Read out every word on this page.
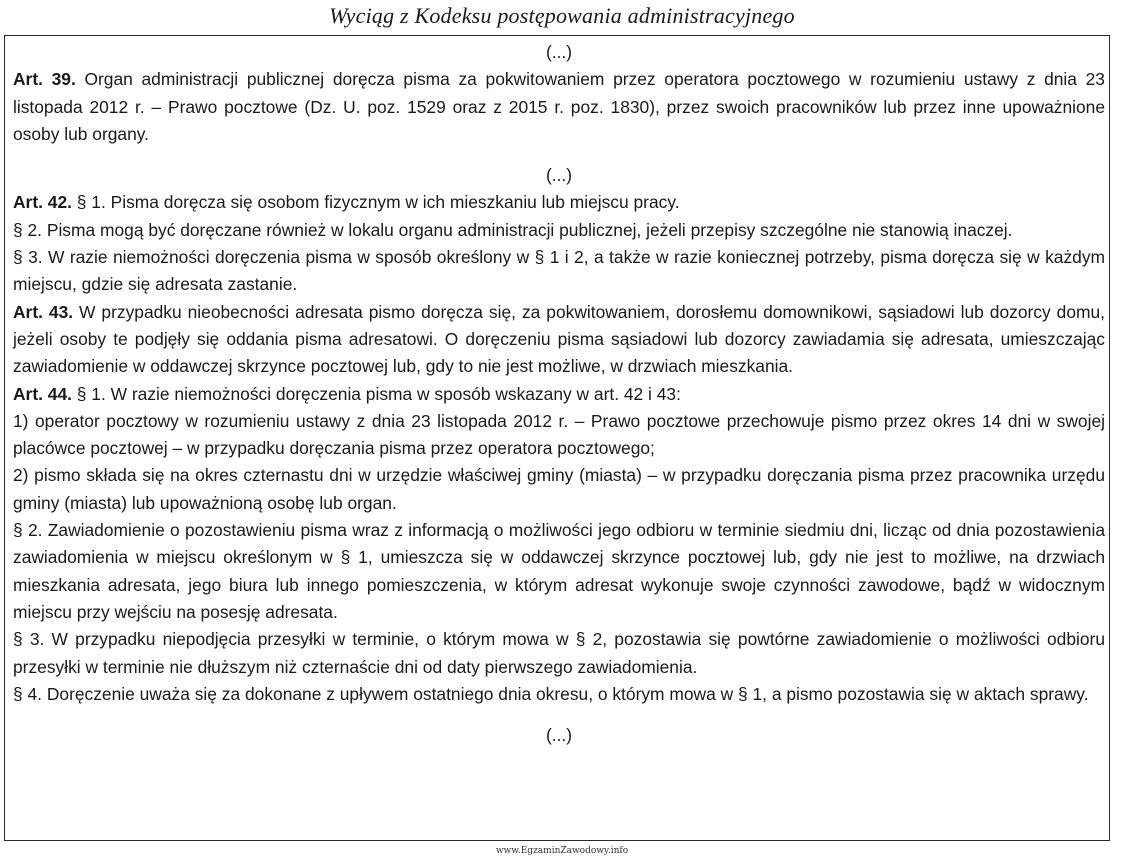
Wyciąg z Kodeksu postępowania administracyjnego

(...)

Art. 39. Organ administracji publicznej doręcza pisma za pokwitowaniem przez operatora pocztowego w rozumieniu ustawy z dnia 23 listopada 2012 r. – Prawo pocztowe (Dz. U. poz. 1529 oraz z 2015 r. poz. 1830), przez swoich pracowników lub przez inne upoważnione osoby lub organy.

(...)

Art. 42. § 1. Pisma doręcza się osobom fizycznym w ich mieszkaniu lub miejscu pracy.

§ 2. Pisma mogą być doręczane również w lokalu organu administracji publicznej, jeżeli przepisy szczególne nie stanowią inaczej.

§ 3. W razie niemożności doręczenia pisma w sposób określony w § 1 i 2, a także w razie koniecznej potrzeby, pisma doręcza się w każdym miejscu, gdzie się adresata zastanie.

Art. 43. W przypadku nieobecności adresata pismo doręcza się, za pokwitowaniem, dorosłemu domownikowi, sąsiadowi lub dozorcy domu, jeżeli osoby te podjęły się oddania pisma adresatowi. O doręczeniu pisma sąsiadowi lub dozorcy zawiadamia się adresata, umieszczając zawiadomienie w oddawczej skrzynce pocztowej lub, gdy to nie jest możliwe, w drzwiach mieszkania.

Art. 44. § 1. W razie niemożności doręczenia pisma w sposób wskazany w art. 42 i 43:

1) operator pocztowy w rozumieniu ustawy z dnia 23 listopada 2012 r. – Prawo pocztowe przechowuje pismo przez okres 14 dni w swojej placówce pocztowej – w przypadku doręczania pisma przez operatora pocztowego;

2) pismo składa się na okres czternastu dni w urzędzie właściwej gminy (miasta) – w przypadku doręczania pisma przez pracownika urzędu gminy (miasta) lub upoważnioną osobę lub organ.

§ 2. Zawiadomienie o pozostawieniu pisma wraz z informacją o możliwości jego odbioru w terminie siedmiu dni, licząc od dnia pozostawienia zawiadomienia w miejscu określonym w § 1, umieszcza się w oddawczej skrzynce pocztowej lub, gdy nie jest to możliwe, na drzwiach mieszkania adresata, jego biura lub innego pomieszczenia, w którym adresat wykonuje swoje czynności zawodowe, bądź w widocznym miejscu przy wejściu na posesję adresata.

§ 3. W przypadku niepodjęcia przesyłki w terminie, o którym mowa w § 2, pozostawia się powtórne zawiadomienie o możliwości odbioru przesyłki w terminie nie dłuższym niż czternaście dni od daty pierwszego zawiadomienia.

§ 4. Doręczenie uważa się za dokonane z upływem ostatniego dnia okresu, o którym mowa w § 1, a pismo pozostawia się w aktach sprawy.

(...)

www.EgzaminZawodowy.info
